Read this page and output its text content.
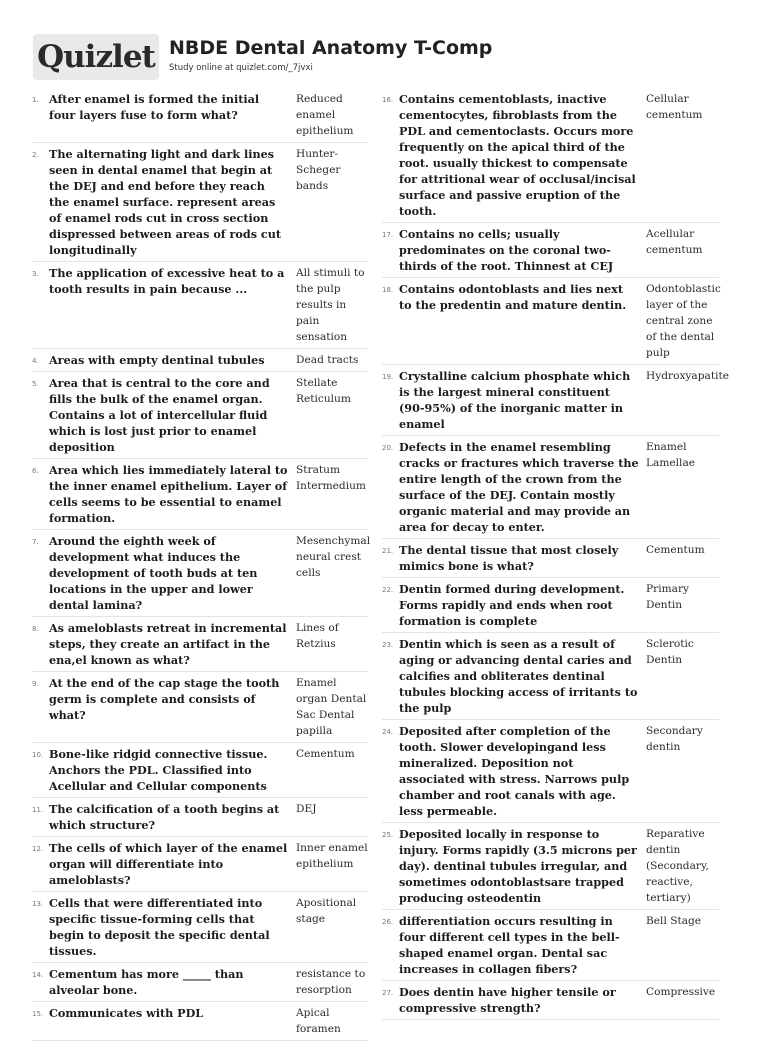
Quizlet NBDE Dental Anatomy T-Comp
Study online at quizlet.com/_7jvxi
1. After enamel is formed the initial four layers fuse to form what?
Reduced enamel epithelium
2. The alternating light and dark lines seen in dental enamel that begin at the DEJ and end before they reach the enamel surface. represent areas of enamel rods cut in cross section dispressed between areas of rods cut longitudinally
Hunter-Scheger bands
3. The application of excessive heat to a tooth results in pain because ...
All stimuli to the pulp results in pain sensation
4. Areas with empty dentinal tubules	Dead tracts
5. Area that is central to the core and fills the bulk of the enamel organ. Contains a lot of intercellular fluid which is lost just prior to enamel deposition
Stellate Reticulum
6. Area which lies immediately lateral to the inner enamel epithelium. Layer of cells seems to be essential to enamel formation.
Stratum Intermedium
7. Around the eighth week of development what induces the development of tooth buds at ten locations in the upper and lower dental lamina?
Mesenchymal neural crest cells
8. As ameloblasts retreat in incremental steps, they create an artifact in the ena,el known as what?
Lines of Retzius
9. At the end of the cap stage the tooth germ is complete and consists of what?
Enamel organ Dental Sac Dental papilla
10. Bone-like ridgid connective tissue. Anchors the PDL. Classified into Acellular and Cellular components
Cementum
11. The calcification of a tooth begins at which structure?
DEJ
12. The cells of which layer of the enamel organ will differentiate into ameloblasts?
Inner enamel epithelium
13. Cells that were differentiated into specific tissue-forming cells that begin to deposit the specific dental tissues.
Apositional stage
14. Cementum has more _____ than alveolar bone.
resistance to resorption
15. Communicates with PDL	Apical foramen
16. Contains cementoblasts, inactive cementocytes, fibroblasts from the PDL and cementoclasts. Occurs more frequently on the apical third of the root. usually thickest to compensate for attritional wear of occlusal/incisal surface and passive eruption of the tooth.
Cellular cementum
17. Contains no cells; usually predominates on the coronal two-thirds of the root. Thinnest at CEJ
Acellular cementum
18. Contains odontoblasts and lies next to the predentin and mature dentin.
Odontoblastic layer of the central zone of the dental pulp
19. Crystalline calcium phosphate which is the largest mineral constituent (90-95%) of the inorganic matter in enamel
Hydroxyapatite
20. Defects in the enamel resembling cracks or fractures which traverse the entire length of the crown from the surface of the DEJ. Contain mostly organic material and may provide an area for decay to enter.
Enamel Lamellae
21. The dental tissue that most closely mimics bone is what?
Cementum
22. Dentin formed during development. Forms rapidly and ends when root formation is complete
Primary Dentin
23. Dentin which is seen as a result of aging or advancing dental caries and calcifies and obliterates dentinal tubules blocking access of irritants to the pulp
Sclerotic Dentin
24. Deposited after completion of the tooth. Slower developingand less mineralized. Deposition not associated with stress. Narrows pulp chamber and root canals with age. less permeable.
Secondary dentin
25. Deposited locally in response to injury. Forms rapidly (3.5 microns per day). dentinal tubules irregular, and sometimes odontoblastsare trapped producing osteodentin
Reparative dentin (Secondary, reactive, tertiary)
26. differentiation occurs resulting in four different cell types in the bell-shaped enamel organ. Dental sac increases in collagen fibers?
Bell Stage
27. Does dentin have higher tensile or compressive strength?
Compressive
